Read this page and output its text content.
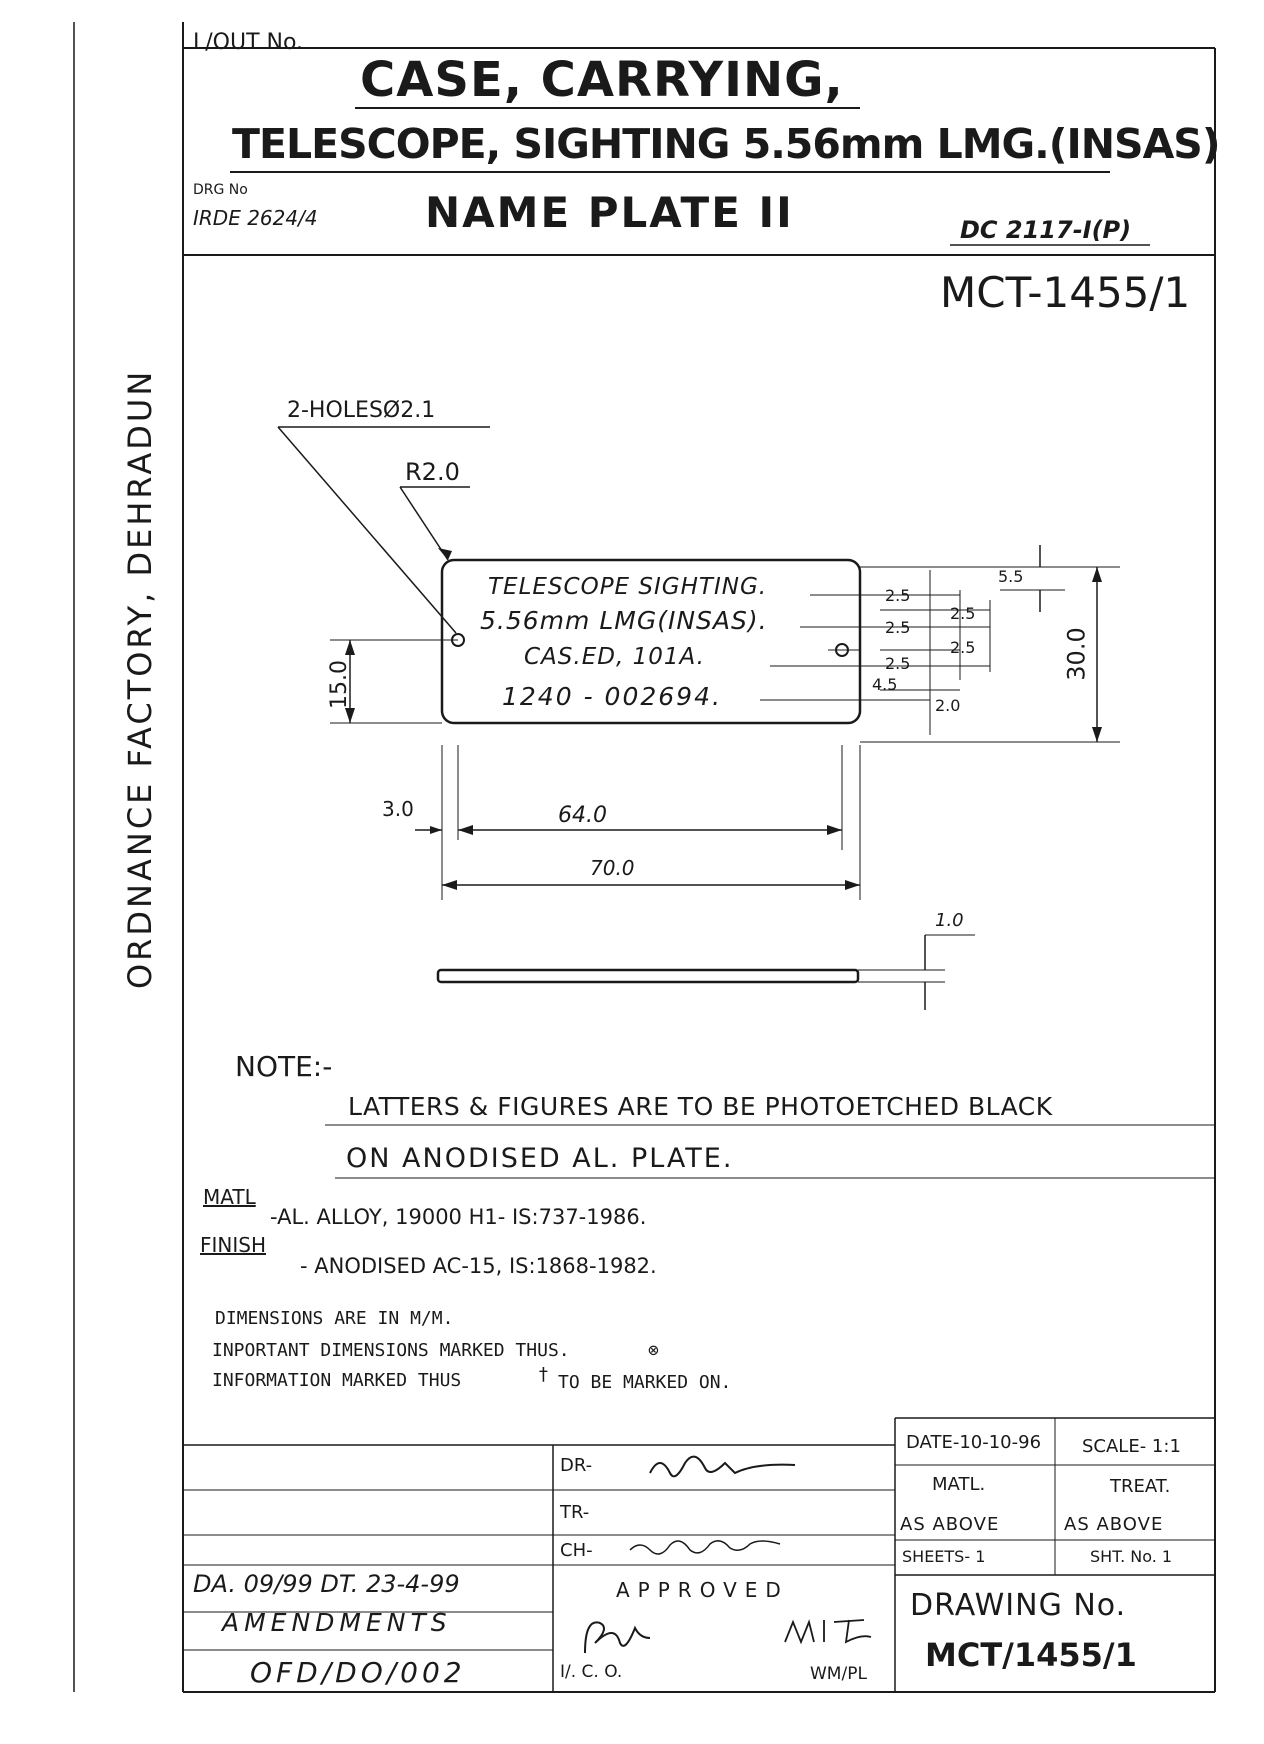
L/OUT No.
CASE, CARRYING,
TELESCOPE, SIGHTING 5.56mm LMG.(INSAS)
DRG No
IRDE 2624/4	NAME PLATE II	DC 2117-I(P)
MCT-1455/1
ORDNANCE FACTORY, DEHRADUN	TELESCOPE SIGHTING.
5.56mm LMG(INSAS).
CAS.ED, 101A.
1240 - 002694.
2-HOLESØ2.1
R2.0
15.0
30.0
5.5
2.5
2.5
2.5
2.5
2.5
4.5
2.0
3.0	64.0
70.0
1.0
NOTE:-
LATTERS & FIGURES ARE TO BE PHOTOETCHED BLACK
ON ANODISED AL. PLATE.
MATL
-AL. ALLOY, 19000 H1- IS:737-1986.
FINISH
- ANODISED AC-15, IS:1868-1982.
DIMENSIONS ARE IN M/M.
INPORTANT DIMENSIONS MARKED THUS.	⊗
INFORMATION MARKED THUS	† TO BE MARKED ON.
DATE-10-10-96 SCALE- 1:1
MATL.	TREAT.
AS ABOVE	AS ABOVE
SHEETS- 1	SHT. No. 1
DRAWING No.
MCT/1455/1
DR-
TR-
CH-
APPROVED
I/. C. O.	WM/PL
DA. 09/99 DT. 23-4-99
AMENDMENTS
OFD/DO/002
